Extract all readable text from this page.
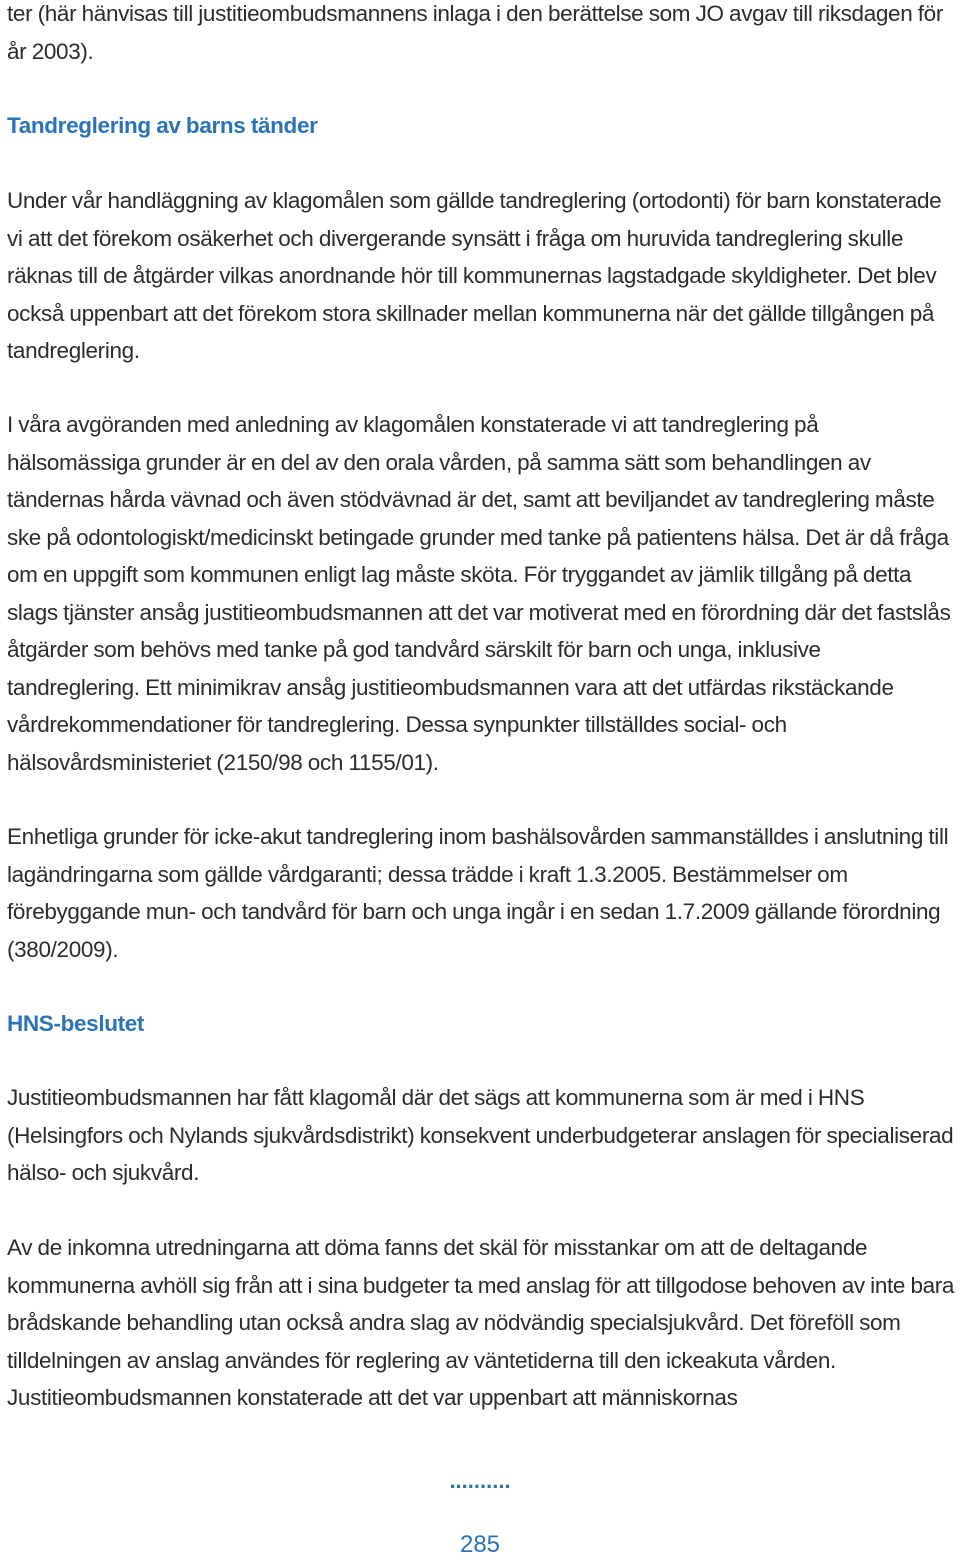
ter (här hänvisas till justitieombudsmannens inlaga i den berättelse som JO avgav till riksdagen för år 2003).

Tandreglering av barns tänder

Under vår handläggning av klagomålen som gällde tandreglering (ortodonti) för barn konstaterade vi att det förekom osäkerhet och divergerande synsätt i fråga om huruvida tandreglering skulle räknas till de åtgärder vilkas anordnande hör till kommunernas lagstadgade skyldigheter. Det blev också uppenbart att det förekom stora skillnader mellan kommunerna när det gällde tillgången på tandreglering.

I våra avgöranden med anledning av klagomålen konstaterade vi att tandreglering på hälsomässiga grunder är en del av den orala vården, på samma sätt som behandlingen av tändernas hårda vävnad och även stödvävnad är det, samt att beviljandet av tandreglering måste ske på odontologiskt/medicinskt betingade grunder med tanke på patientens hälsa. Det är då fråga om en uppgift som kommunen enligt lag måste sköta. För tryggandet av jämlik tillgång på detta slags tjänster ansåg justitieombudsmannen att det var motiverat med en förordning där det fastslås åtgärder som behövs med tanke på god tandvård särskilt för barn och unga, inklusive tandreglering. Ett minimikrav ansåg justitieombudsmannen vara att det utfärdas rikstäckande vårdrekommendationer för tandreglering. Dessa synpunkter tillställdes social- och hälsovårdsministeriet (2150/98 och 1155/01).

Enhetliga grunder för icke-akut tandreglering inom bashälsovården sammanställdes i anslutning till lagändringarna som gällde vårdgaranti; dessa trädde i kraft 1.3.2005. Bestämmelser om förebyggande mun- och tandvård för barn och unga ingår i en sedan 1.7.2009 gällande förordning (380/2009).

HNS-beslutet

Justitieombudsmannen har fått klagomål där det sägs att kommunerna som är med i HNS (Helsingfors och Nylands sjukvårdsdistrikt) konsekvent underbudgeterar anslagen för specialiserad hälso- och sjukvård.

Av de inkomna utredningarna att döma fanns det skäl för misstankar om att de deltagande kommunerna avhöll sig från att i sina budgeter ta med anslag för att tillgodose behoven av inte bara brådskande behandling utan också andra slag av nödvändig specialsjukvård. Det föreföll som tilldelningen av anslag användes för reglering av väntetiderna till den ickeakuta vården. Justitieombudsmannen konstaterade att det var uppenbart att människornas

..........
285
